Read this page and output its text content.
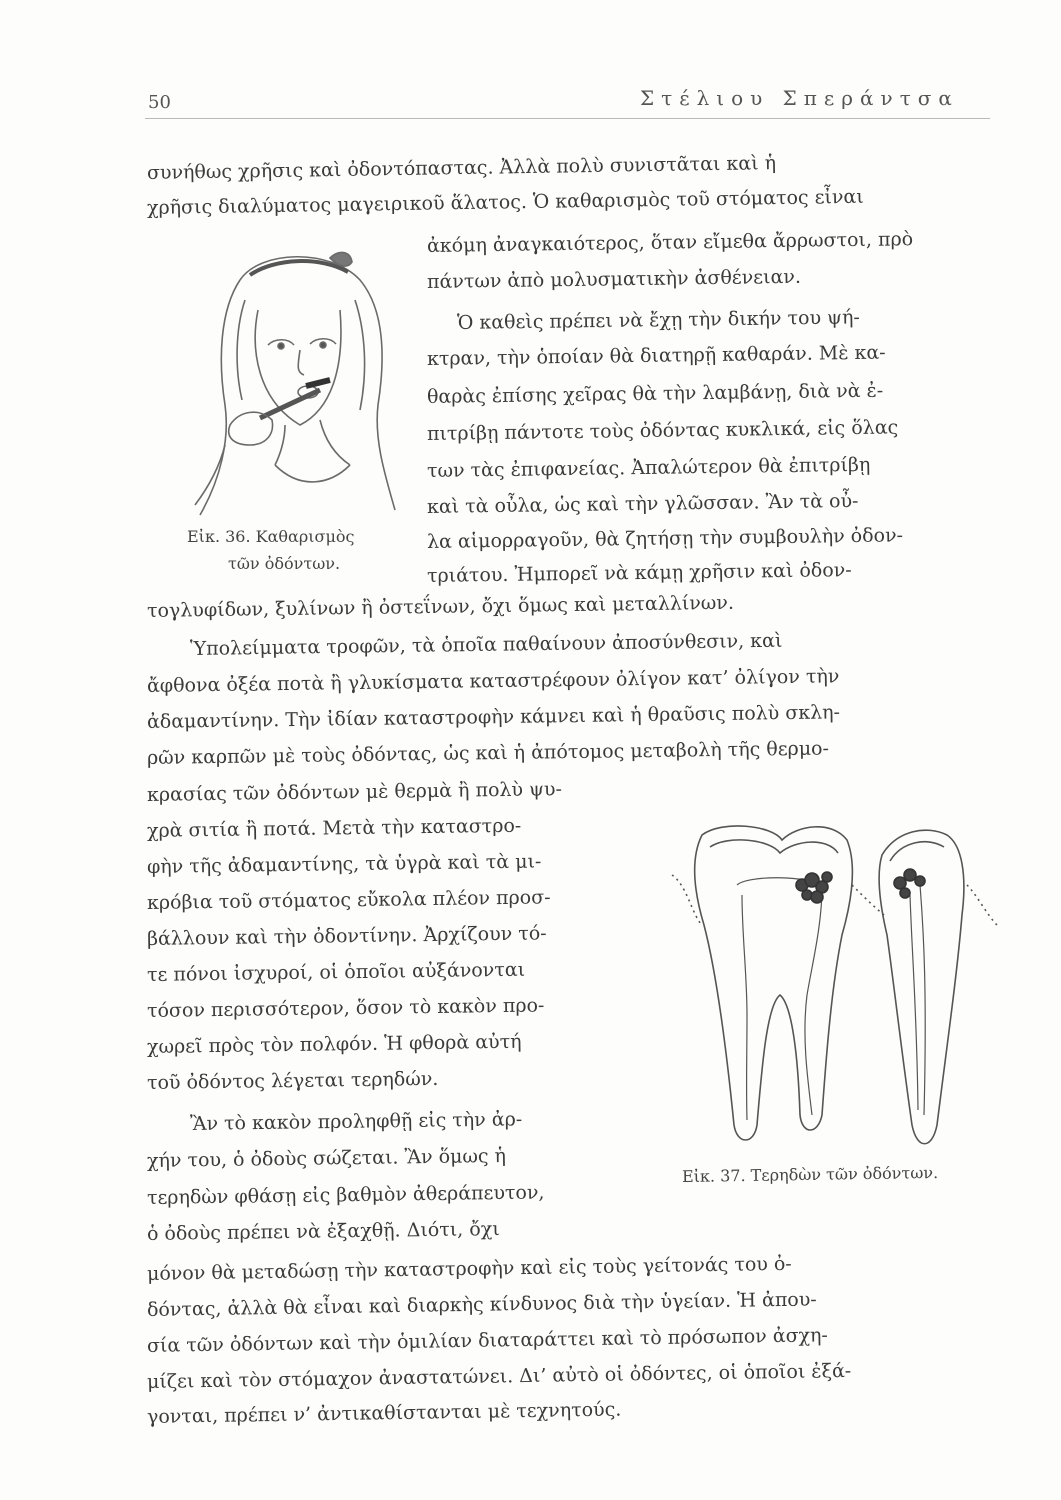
50	Στέλιου Σπεράντσα
συνήθως χρῆσις καὶ ὀδοντόπαστας. Ἀλλὰ πολὺ συνιστᾶται καὶ ἡ
χρῆσις διαλύματος μαγειρικοῦ ἅλατος. Ὁ καθαρισμὸς τοῦ στόματος εἶναι
ἀκόμη ἀναγκαιότερος, ὅταν εἴμεθα ἄρρωστοι, πρὸ
πάντων ἀπὸ μολυσματικὴν ἀσθένειαν.
Ὁ καθεὶς πρέπει νὰ ἔχῃ τὴν δικήν του ψή-
κτραν, τὴν ὁποίαν θὰ διατηρῇ καθαράν. Μὲ κα-
θαρὰς ἐπίσης χεῖρας θὰ τὴν λαμβάνῃ, διὰ νὰ ἐ-
πιτρίβῃ πάντοτε τοὺς ὀδόντας κυκλικά, εἰς ὅλας
των τὰς ἐπιφανείας. Ἀπαλώτερον θὰ ἐπιτρίβῃ
καὶ τὰ οὖλα, ὡς καὶ τὴν γλῶσσαν. Ἂν τὰ οὖ-
λα αἱμορραγοῦν, θὰ ζητήσῃ τὴν συμβουλὴν ὀδον-
τριάτου. Ἠμπορεῖ νὰ κάμῃ χρῆσιν καὶ ὀδον-
τογλυφίδων, ξυλίνων ἢ ὀστεΐνων, ὄχι ὅμως καὶ μεταλλίνων.
Ὑπολείμματα τροφῶν, τὰ ὁποῖα παθαίνουν ἀποσύνθεσιν, καὶ
ἄφθονα ὀξέα ποτὰ ἢ γλυκίσματα καταστρέφουν ὀλίγον κατ’ ὀλίγον τὴν
ἀδαμαντίνην. Τὴν ἰδίαν καταστροφὴν κάμνει καὶ ἡ θραῦσις πολὺ σκλη-
ρῶν καρπῶν μὲ τοὺς ὀδόντας, ὡς καὶ ἡ ἀπότομος μεταβολὴ τῆς θερμο-
κρασίας τῶν ὀδόντων μὲ θερμὰ ἢ πολὺ ψυ-
χρὰ σιτία ἢ ποτά. Μετὰ τὴν καταστρο-
φὴν τῆς ἀδαμαντίνης, τὰ ὑγρὰ καὶ τὰ μι-
κρόβια τοῦ στόματος εὔκολα πλέον προσ-
βάλλουν καὶ τὴν ὀδοντίνην. Ἀρχίζουν τό-
τε πόνοι ἰσχυροί, οἱ ὁποῖοι αὐξάνονται
τόσον περισσότερον, ὅσον τὸ κακὸν προ-
χωρεῖ πρὸς τὸν πολφόν. Ἡ φθορὰ αὐτή
τοῦ ὀδόντος λέγεται τερηδών.
Ἂν τὸ κακὸν προληφθῇ εἰς τὴν ἀρ-
χήν του, ὁ ὀδοὺς σώζεται. Ἂν ὅμως ἡ
τερηδὼν φθάσῃ εἰς βαθμὸν ἀθεράπευτον,
ὁ ὀδοὺς πρέπει νὰ ἐξαχθῇ. Διότι, ὄχι
μόνον θὰ μεταδώσῃ τὴν καταστροφὴν καὶ εἰς τοὺς γείτονάς του ὀ-
δόντας, ἀλλὰ θὰ εἶναι καὶ διαρκὴς κίνδυνος διὰ τὴν ὑγείαν. Ἡ ἀπου-
σία τῶν ὀδόντων καὶ τὴν ὁμιλίαν διαταράττει καὶ τὸ πρόσωπον ἀσχη-
μίζει καὶ τὸν στόμαχον ἀναστατώνει. Δι’ αὐτὸ οἱ ὀδόντες, οἱ ὁποῖοι ἐξά-
γονται, πρέπει ν’ ἀντικαθίστανται μὲ τεχνητούς.
Εἰκ. 36. Καθαρισμὸς
τῶν ὀδόντων.
Εἰκ. 37. Τερηδὼν τῶν ὀδόντων.
